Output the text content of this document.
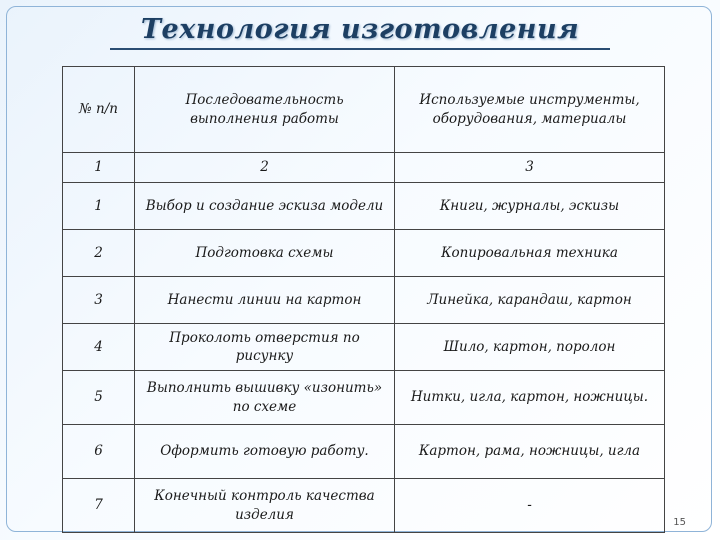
Технология изготовления
№ п/п	Последовательность выполнения работы	Используемые инструменты, оборудования, материалы
1	2	3
1	Выбор и создание эскиза модели	Книги, журналы, эскизы
2	Подготовка схемы	Копировальная техника
3	Нанести линии на картон	Линейка, карандаш, картон
4	Проколоть отверстия по рисунку	Шило, картон, поролон
5	Выполнить вышивку «изонить» по схеме	Нитки, игла, картон, ножницы.
6	Оформить готовую работу.	Картон, рама, ножницы, игла
7	Конечный контроль качества изделия	-
15
